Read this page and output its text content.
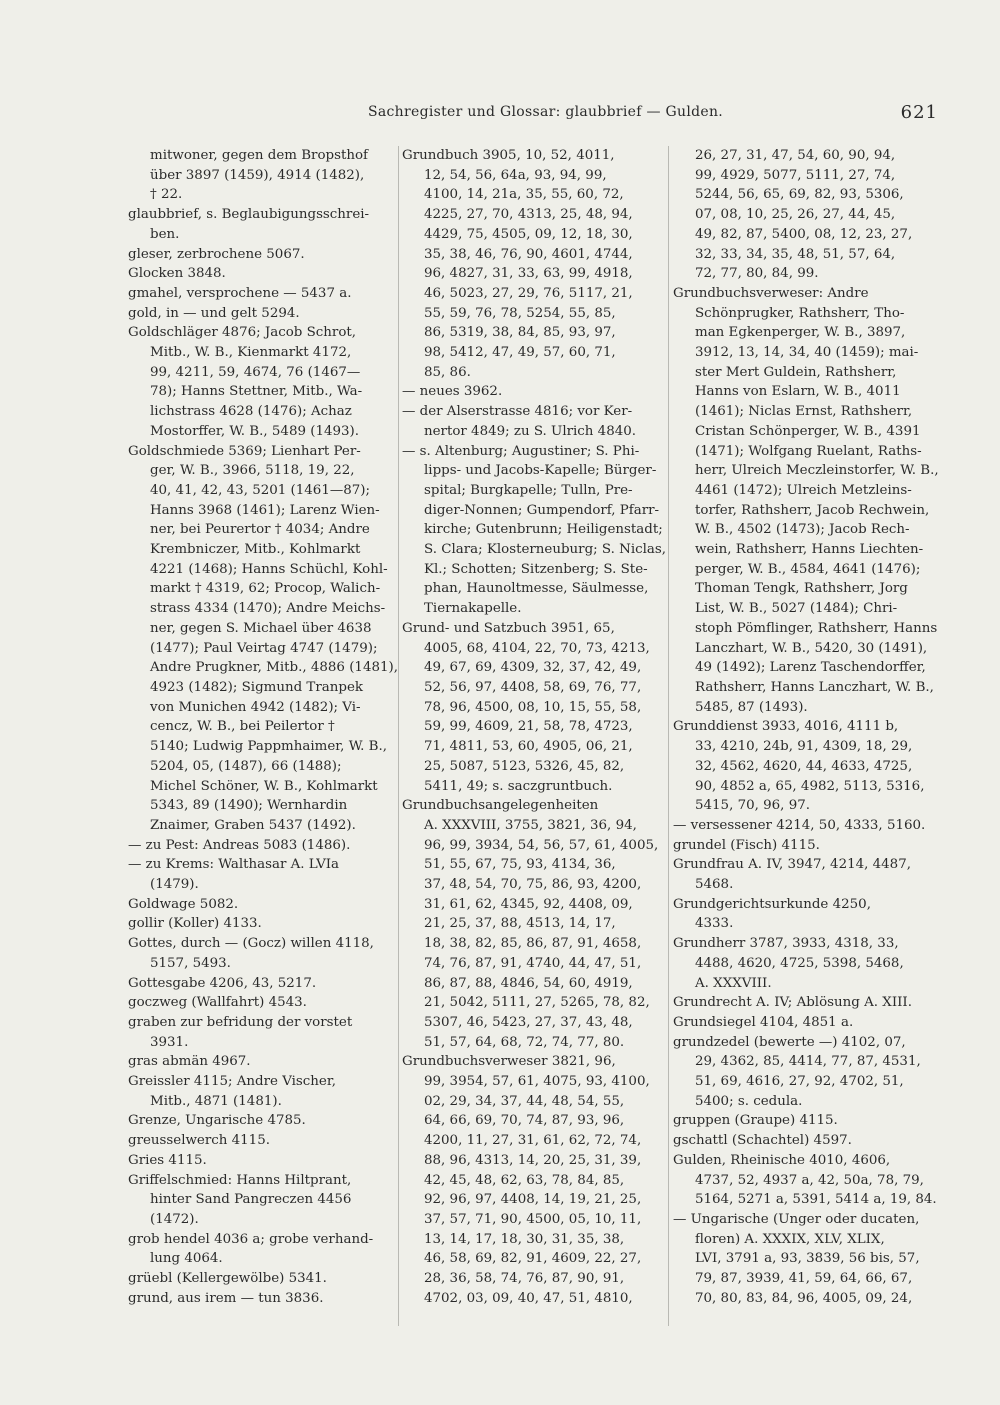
Sachregister und Glossar: glaubbrief — Gulden.	621
mitwoner, gegen dem Bropsthof
über 3897 (1459), 4914 (1482),
† 22.
glaubbrief, s. Beglaubigungsschrei-
ben.
gleser, zerbrochene 5067.
Glocken 3848.
gmahel, versprochene — 5437 a.
gold, in — und gelt 5294.
Goldschläger 4876; Jacob Schrot,
Mitb., W. B., Kienmarkt 4172,
99, 4211, 59, 4674, 76 (1467—
78); Hanns Stettner, Mitb., Wa-
lichstrass 4628 (1476); Achaz
Mostorffer, W. B., 5489 (1493).
Goldschmiede 5369; Lienhart Per-
ger, W. B., 3966, 5118, 19, 22,
40, 41, 42, 43, 5201 (1461—87);
Hanns 3968 (1461); Larenz Wien-
ner, bei Peurertor † 4034; Andre
Krembniczer, Mitb., Kohlmarkt
4221 (1468); Hanns Schüchl, Kohl-
markt † 4319, 62; Procop, Walich-
strass 4334 (1470); Andre Meichs-
ner, gegen S. Michael über 4638
(1477); Paul Veirtag 4747 (1479);
Andre Prugkner, Mitb., 4886 (1481),
4923 (1482); Sigmund Tranpek
von Munichen 4942 (1482); Vi-
cencz, W. B., bei Peilertor †
5140; Ludwig Pappmhaimer, W. B.,
5204, 05, (1487), 66 (1488);
Michel Schöner, W. B., Kohlmarkt
5343, 89 (1490); Wernhardin
Znaimer, Graben 5437 (1492).
— zu Pest: Andreas 5083 (1486).
— zu Krems: Walthasar A. LVIa
(1479).
Goldwage 5082.
gollir (Koller) 4133.
Gottes, durch — (Gocz) willen 4118,
5157, 5493.
Gottesgabe 4206, 43, 5217.
goczweg (Wallfahrt) 4543.
graben zur befridung der vorstet
3931.
gras abmän 4967.
Greissler 4115; Andre Vischer,
Mitb., 4871 (1481).
Grenze, Ungarische 4785.
greusselwerch 4115.
Gries 4115.
Griffelschmied: Hanns Hiltprant,
hinter Sand Pangreczen 4456
(1472).
grob hendel 4036 a; grobe verhand-
lung 4064.
grüebl (Kellergewölbe) 5341.
grund, aus irem — tun 3836.
Grundbuch 3905, 10, 52, 4011,
12, 54, 56, 64a, 93, 94, 99,
4100, 14, 21a, 35, 55, 60, 72,
4225, 27, 70, 4313, 25, 48, 94,
4429, 75, 4505, 09, 12, 18, 30,
35, 38, 46, 76, 90, 4601, 4744,
96, 4827, 31, 33, 63, 99, 4918,
46, 5023, 27, 29, 76, 5117, 21,
55, 59, 76, 78, 5254, 55, 85,
86, 5319, 38, 84, 85, 93, 97,
98, 5412, 47, 49, 57, 60, 71,
85, 86.
— neues 3962.
— der Alserstrasse 4816; vor Ker-
nertor 4849; zu S. Ulrich 4840.
— s. Altenburg; Augustiner; S. Phi-
lipps- und Jacobs-Kapelle; Bürger-
spital; Burgkapelle; Tulln, Pre-
diger-Nonnen; Gumpendorf, Pfarr-
kirche; Gutenbrunn; Heiligenstadt;
S. Clara; Klosterneuburg; S. Niclas,
Kl.; Schotten; Sitzenberg; S. Ste-
phan, Haunoltmesse, Säulmesse,
Tiernakapelle.
Grund- und Satzbuch 3951, 65,
4005, 68, 4104, 22, 70, 73, 4213,
49, 67, 69, 4309, 32, 37, 42, 49,
52, 56, 97, 4408, 58, 69, 76, 77,
78, 96, 4500, 08, 10, 15, 55, 58,
59, 99, 4609, 21, 58, 78, 4723,
71, 4811, 53, 60, 4905, 06, 21,
25, 5087, 5123, 5326, 45, 82,
5411, 49; s. saczgruntbuch.
Grundbuchsangelegenheiten
A. XXXVIII, 3755, 3821, 36, 94,
96, 99, 3934, 54, 56, 57, 61, 4005,
51, 55, 67, 75, 93, 4134, 36,
37, 48, 54, 70, 75, 86, 93, 4200,
31, 61, 62, 4345, 92, 4408, 09,
21, 25, 37, 88, 4513, 14, 17,
18, 38, 82, 85, 86, 87, 91, 4658,
74, 76, 87, 91, 4740, 44, 47, 51,
86, 87, 88, 4846, 54, 60, 4919,
21, 5042, 5111, 27, 5265, 78, 82,
5307, 46, 5423, 27, 37, 43, 48,
51, 57, 64, 68, 72, 74, 77, 80.
Grundbuchsverweser 3821, 96,
99, 3954, 57, 61, 4075, 93, 4100,
02, 29, 34, 37, 44, 48, 54, 55,
64, 66, 69, 70, 74, 87, 93, 96,
4200, 11, 27, 31, 61, 62, 72, 74,
88, 96, 4313, 14, 20, 25, 31, 39,
42, 45, 48, 62, 63, 78, 84, 85,
92, 96, 97, 4408, 14, 19, 21, 25,
37, 57, 71, 90, 4500, 05, 10, 11,
13, 14, 17, 18, 30, 31, 35, 38,
46, 58, 69, 82, 91, 4609, 22, 27,
28, 36, 58, 74, 76, 87, 90, 91,
4702, 03, 09, 40, 47, 51, 4810,
26, 27, 31, 47, 54, 60, 90, 94,
99, 4929, 5077, 5111, 27, 74,
5244, 56, 65, 69, 82, 93, 5306,
07, 08, 10, 25, 26, 27, 44, 45,
49, 82, 87, 5400, 08, 12, 23, 27,
32, 33, 34, 35, 48, 51, 57, 64,
72, 77, 80, 84, 99.
Grundbuchsverweser: Andre
Schönprugker, Rathsherr, Tho-
man Egkenperger, W. B., 3897,
3912, 13, 14, 34, 40 (1459); mai-
ster Mert Guldein, Rathsherr,
Hanns von Eslarn, W. B., 4011
(1461); Niclas Ernst, Rathsherr,
Cristan Schönperger, W. B., 4391
(1471); Wolfgang Ruelant, Raths-
herr, Ulreich Meczleinstorfer, W. B.,
4461 (1472); Ulreich Metzleins-
torfer, Rathsherr, Jacob Rechwein,
W. B., 4502 (1473); Jacob Rech-
wein, Rathsherr, Hanns Liechten-
perger, W. B., 4584, 4641 (1476);
Thoman Tengk, Rathsherr, Jorg
List, W. B., 5027 (1484); Chri-
stoph Pömflinger, Rathsherr, Hanns
Lanczhart, W. B., 5420, 30 (1491),
49 (1492); Larenz Taschendorffer,
Rathsherr, Hanns Lanczhart, W. B.,
5485, 87 (1493).
Grunddienst 3933, 4016, 4111 b,
33, 4210, 24b, 91, 4309, 18, 29,
32, 4562, 4620, 44, 4633, 4725,
90, 4852 a, 65, 4982, 5113, 5316,
5415, 70, 96, 97.
— versessener 4214, 50, 4333, 5160.
grundel (Fisch) 4115.
Grundfrau A. IV, 3947, 4214, 4487,
5468.
Grundgerichtsurkunde 4250,
4333.
Grundherr 3787, 3933, 4318, 33,
4488, 4620, 4725, 5398, 5468,
A. XXXVIII.
Grundrecht A. IV; Ablösung A. XIII.
Grundsiegel 4104, 4851 a.
grundzedel (bewerte —) 4102, 07,
29, 4362, 85, 4414, 77, 87, 4531,
51, 69, 4616, 27, 92, 4702, 51,
5400; s. cedula.
gruppen (Graupe) 4115.
gschattl (Schachtel) 4597.
Gulden, Rheinische 4010, 4606,
4737, 52, 4937 a, 42, 50a, 78, 79,
5164, 5271 a, 5391, 5414 a, 19, 84.
— Ungarische (Unger oder ducaten,
floren) A. XXXIX, XLV, XLIX,
LVI, 3791 a, 93, 3839, 56 bis, 57,
79, 87, 3939, 41, 59, 64, 66, 67,
70, 80, 83, 84, 96, 4005, 09, 24,
